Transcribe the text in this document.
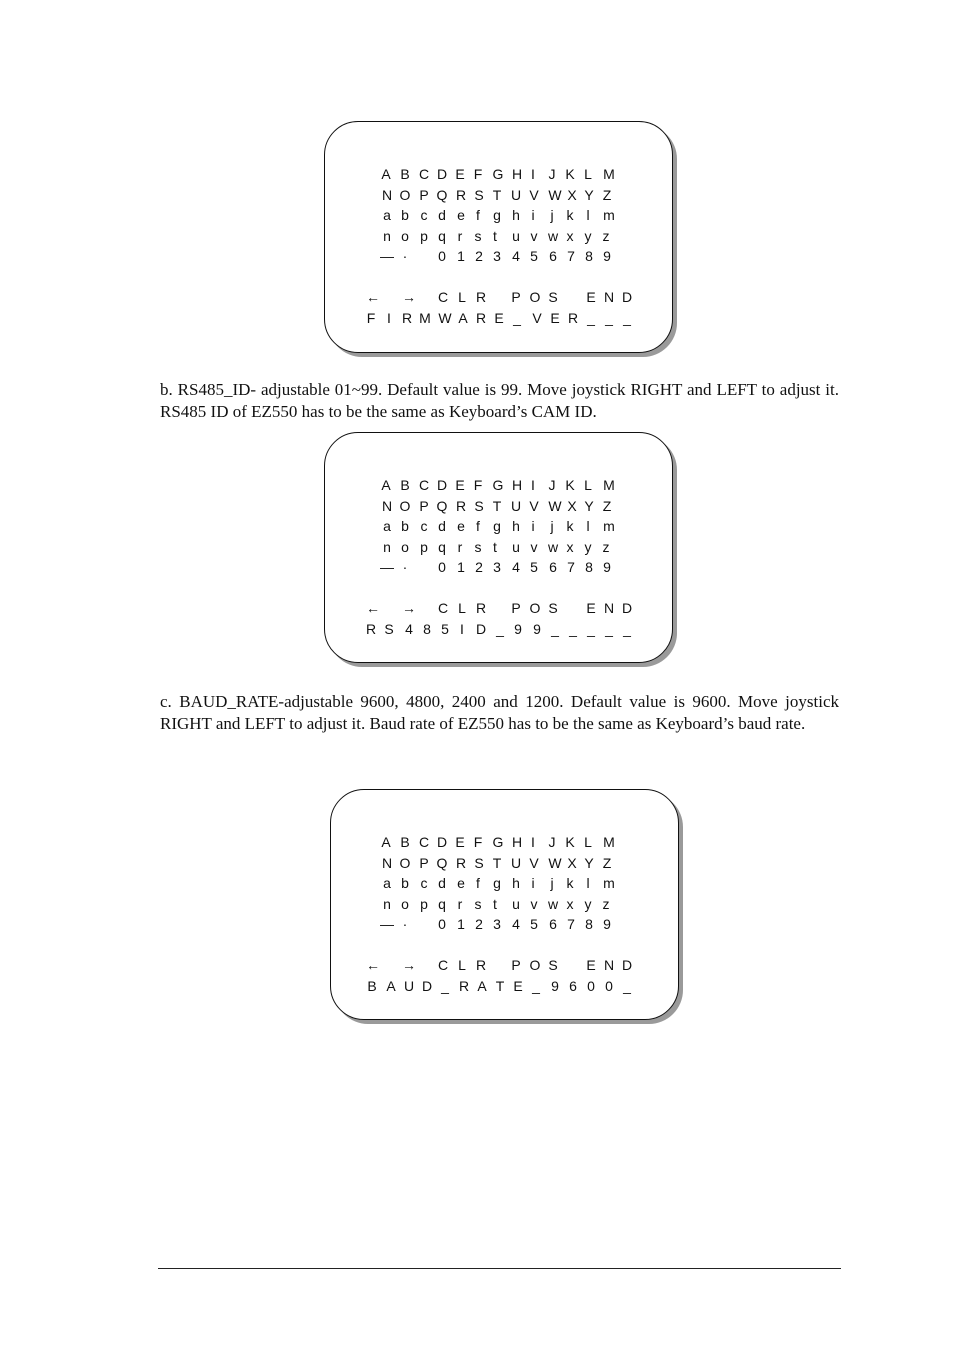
A B C D E F G H I J K L M
N O P Q R S T U V W X Y Z
a b c d e f g h i	j k l m
n o p q r s t	u v w x y z
— ·	0 1 2 3 4 5 6 7 8 9
← → C L R	P O S	E N D
F I R M W A R E _ V E R _ _ _

b. RS485_ID- adjustable 01~99. Default value is 99. Move joystick RIGHT and LEFT to adjust it. RS485 ID of EZ550 has to be the same as Keyboard’s CAM ID.

A B C D E F G H I J K L M
N O P Q R S T U V W X Y Z
a b c d e f g h i	j k l m
n o p q r s t	u v w x y z
— ·	0 1 2 3 4 5 6 7 8 9
← → C L R	P O S	E N D
R S 4 8 5 I D _ 9 9 _ _ _ _ _

c. BAUD_RATE-adjustable 9600, 4800, 2400 and 1200. Default value is 9600. Move joystick RIGHT and LEFT to adjust it. Baud rate of EZ550 has to be the same as Keyboard’s baud rate.

A B C D E F G H I J K L M
N O P Q R S T U V W X Y Z
a b c d e f g h i	j k l m
n o p q r s t	u v w x y z
— ·	0 1 2 3 4 5 6 7 8 9
← → C L R	P O S	E N D
B A U D _ R A T E _ 9 6 0 0 _
